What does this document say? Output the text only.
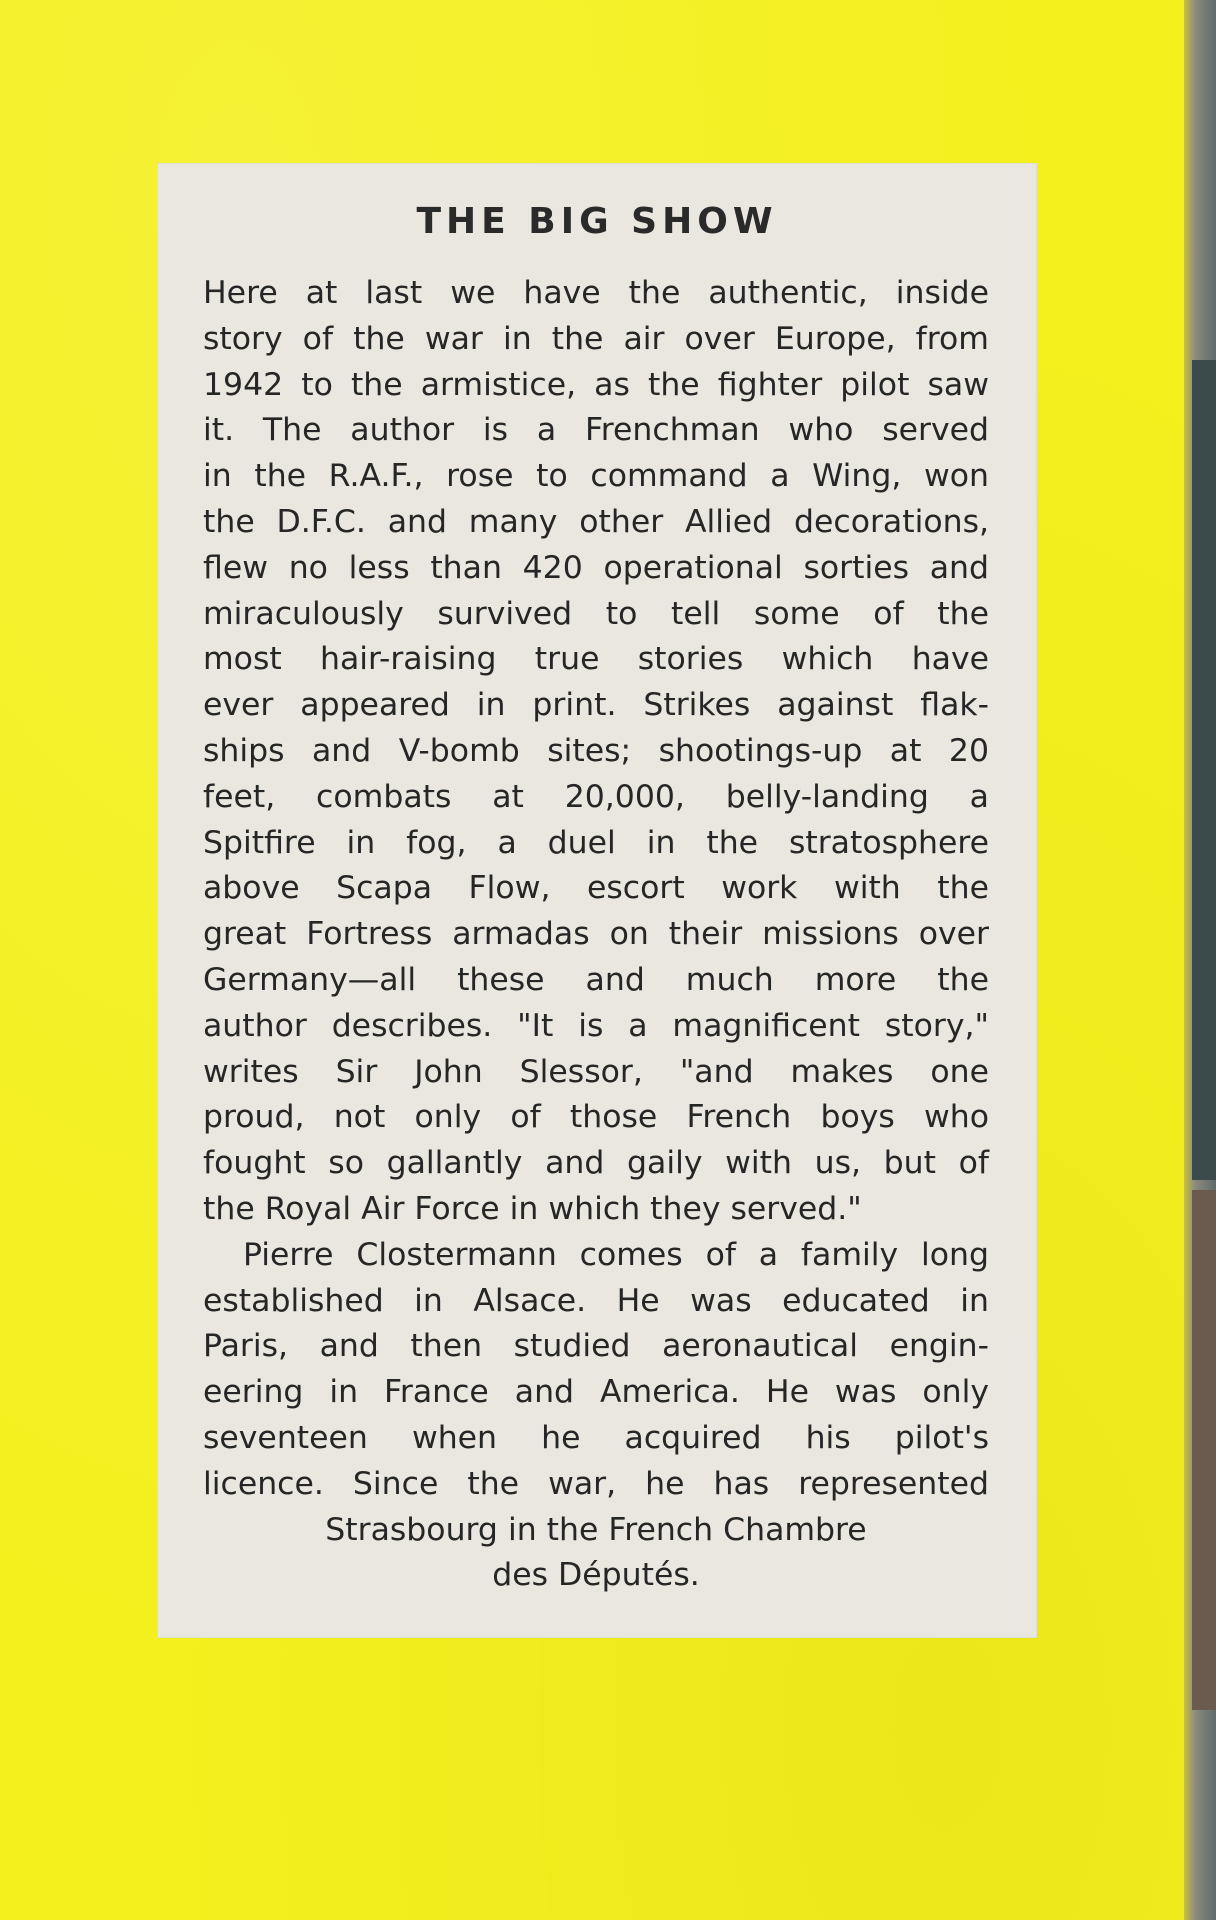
THE BIG SHOW
Here at last we have the authentic, inside
story of the war in the air over Europe, from
1942 to the armistice, as the fighter pilot saw
it. The author is a Frenchman who served
in the R.A.F., rose to command a Wing, won
the D.F.C. and many other Allied decorations,
flew no less than 420 operational sorties and
miraculously survived to tell some of the
most hair-raising true stories which have
ever appeared in print. Strikes against flak-
ships and V-bomb sites; shootings-up at 20
feet, combats at 20,000, belly-landing a
Spitfire in fog, a duel in the stratosphere
above Scapa Flow, escort work with the
great Fortress armadas on their missions over
Germany—all these and much more the
author describes. "It is a magnificent story,"
writes Sir John Slessor, "and makes one
proud, not only of those French boys who
fought so gallantly and gaily with us, but of
the Royal Air Force in which they served."
Pierre Clostermann comes of a family long
established in Alsace. He was educated in
Paris, and then studied aeronautical engin-
eering in France and America. He was only
seventeen when he acquired his pilot's
licence. Since the war, he has represented
Strasbourg in the French Chambre
des Députés.
